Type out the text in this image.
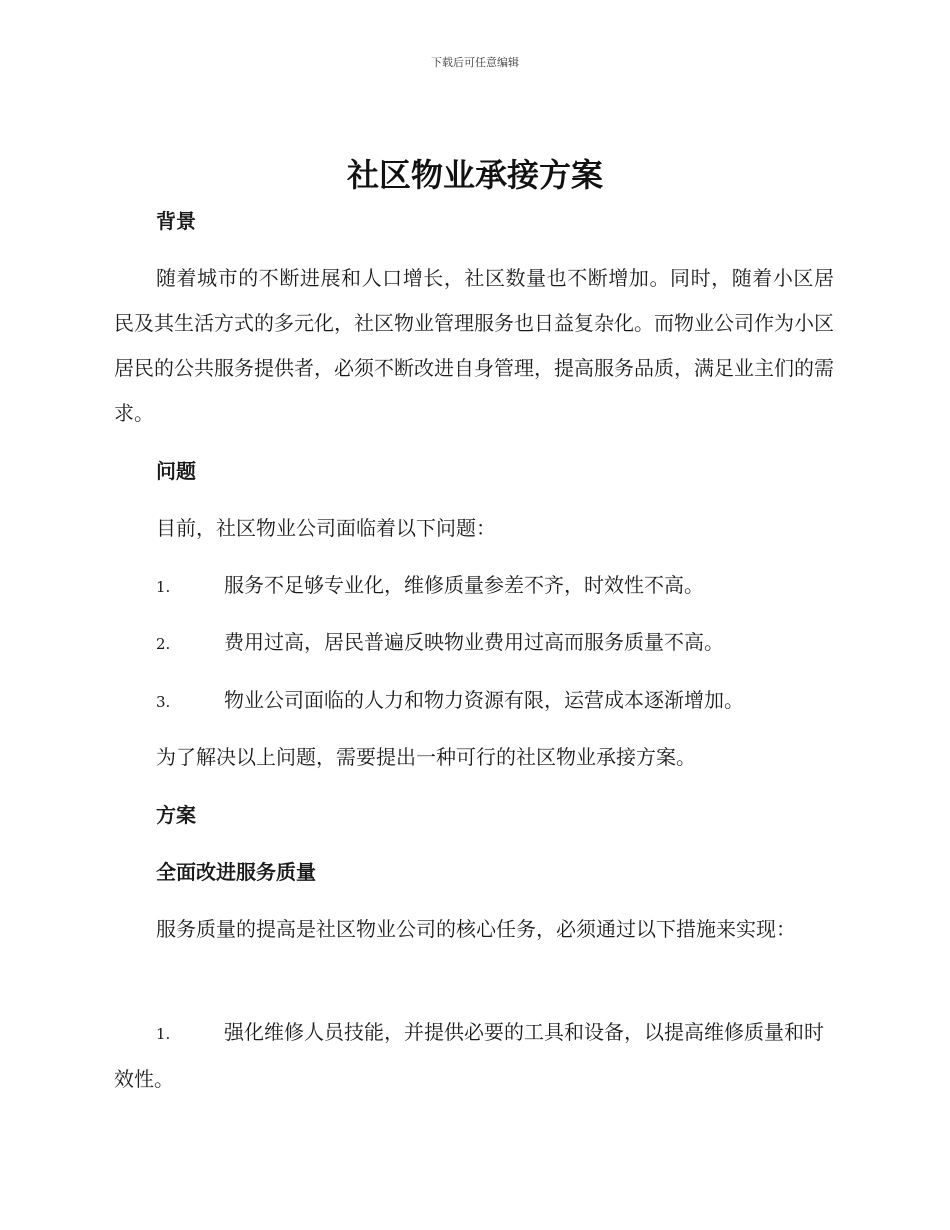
下载后可任意编辑
社区物业承接方案

背景

随着城市的不断进展和人口增长，社区数量也不断增加。同时，随着小区居民及其生活方式的多元化，社区物业管理服务也日益复杂化。而物业公司作为小区居民的公共服务提供者，必须不断改进自身管理，提高服务品质，满足业主们的需求。

问题

目前，社区物业公司面临着以下问题：

1.	服务不足够专业化，维修质量参差不齐，时效性不高。
2.	费用过高，居民普遍反映物业费用过高而服务质量不高。
3.	物业公司面临的人力和物力资源有限，运营成本逐渐增加。

为了解决以上问题，需要提出一种可行的社区物业承接方案。

方案

全面改进服务质量

服务质量的提高是社区物业公司的核心任务，必须通过以下措施来实现：

1.	强化维修人员技能，并提供必要的工具和设备，以提高维修质量和时效性。
